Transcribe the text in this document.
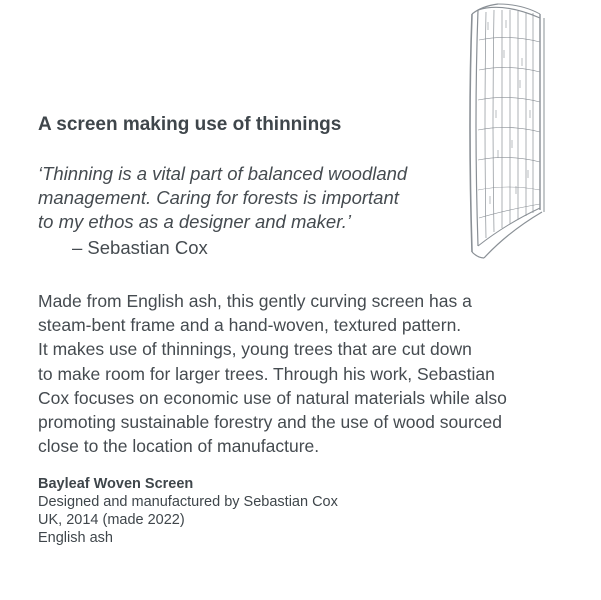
A screen making use of thinnings

‘Thinning is a vital part of balanced woodland
management. Caring for forests is important
to my ethos as a designer and maker.’

– Sebastian Cox
Made from English ash, this gently curving screen has a
steam-bent frame and a hand-woven, textured pattern.
It makes use of thinnings, young trees that are cut down
to make room for larger trees. Through his work, Sebastian
Cox focuses on economic use of natural materials while also
promoting sustainable forestry and the use of wood sourced
close to the location of manufacture.
Bayleaf Woven Screen
Designed and manufactured by Sebastian Cox
UK, 2014 (made 2022)
English ash
